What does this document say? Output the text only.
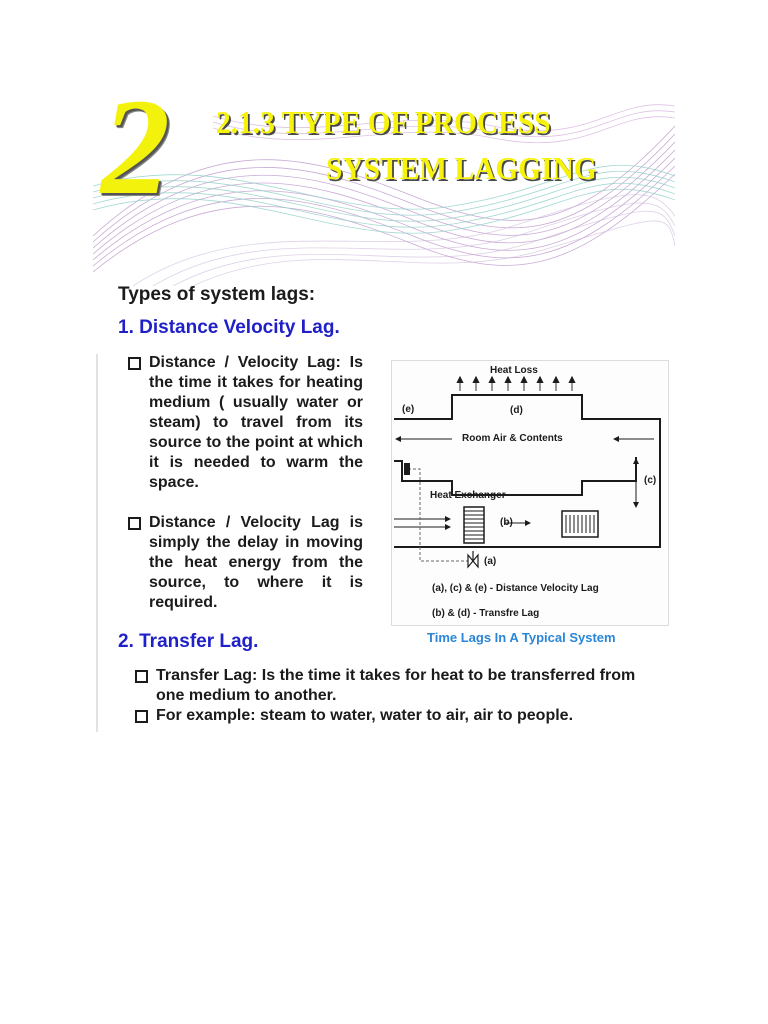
2 2.1.3 TYPE OF PROCESS
SYSTEM LAGGING
Types of system lags:
1. Distance Velocity Lag.
Distance / Velocity Lag: Is the time it takes for heating medium ( usually water or steam) to travel from its source to the point at which it is needed to warm the space.
Distance / Velocity Lag is simply the delay in moving the heat energy from the source, to where it is required.
Heat Loss
(e)	(d)
Room Air & Contents
(c)
Heat Exchanger
(b)
(a)
(a), (c) & (e) - Distance Velocity Lag
(b) & (d) - Transfre Lag
Time Lags In A Typical System
2. Transfer Lag.
Transfer Lag: Is the time it takes for heat to be transferred from one medium to another.
For example: steam to water, water to air, air to people.
